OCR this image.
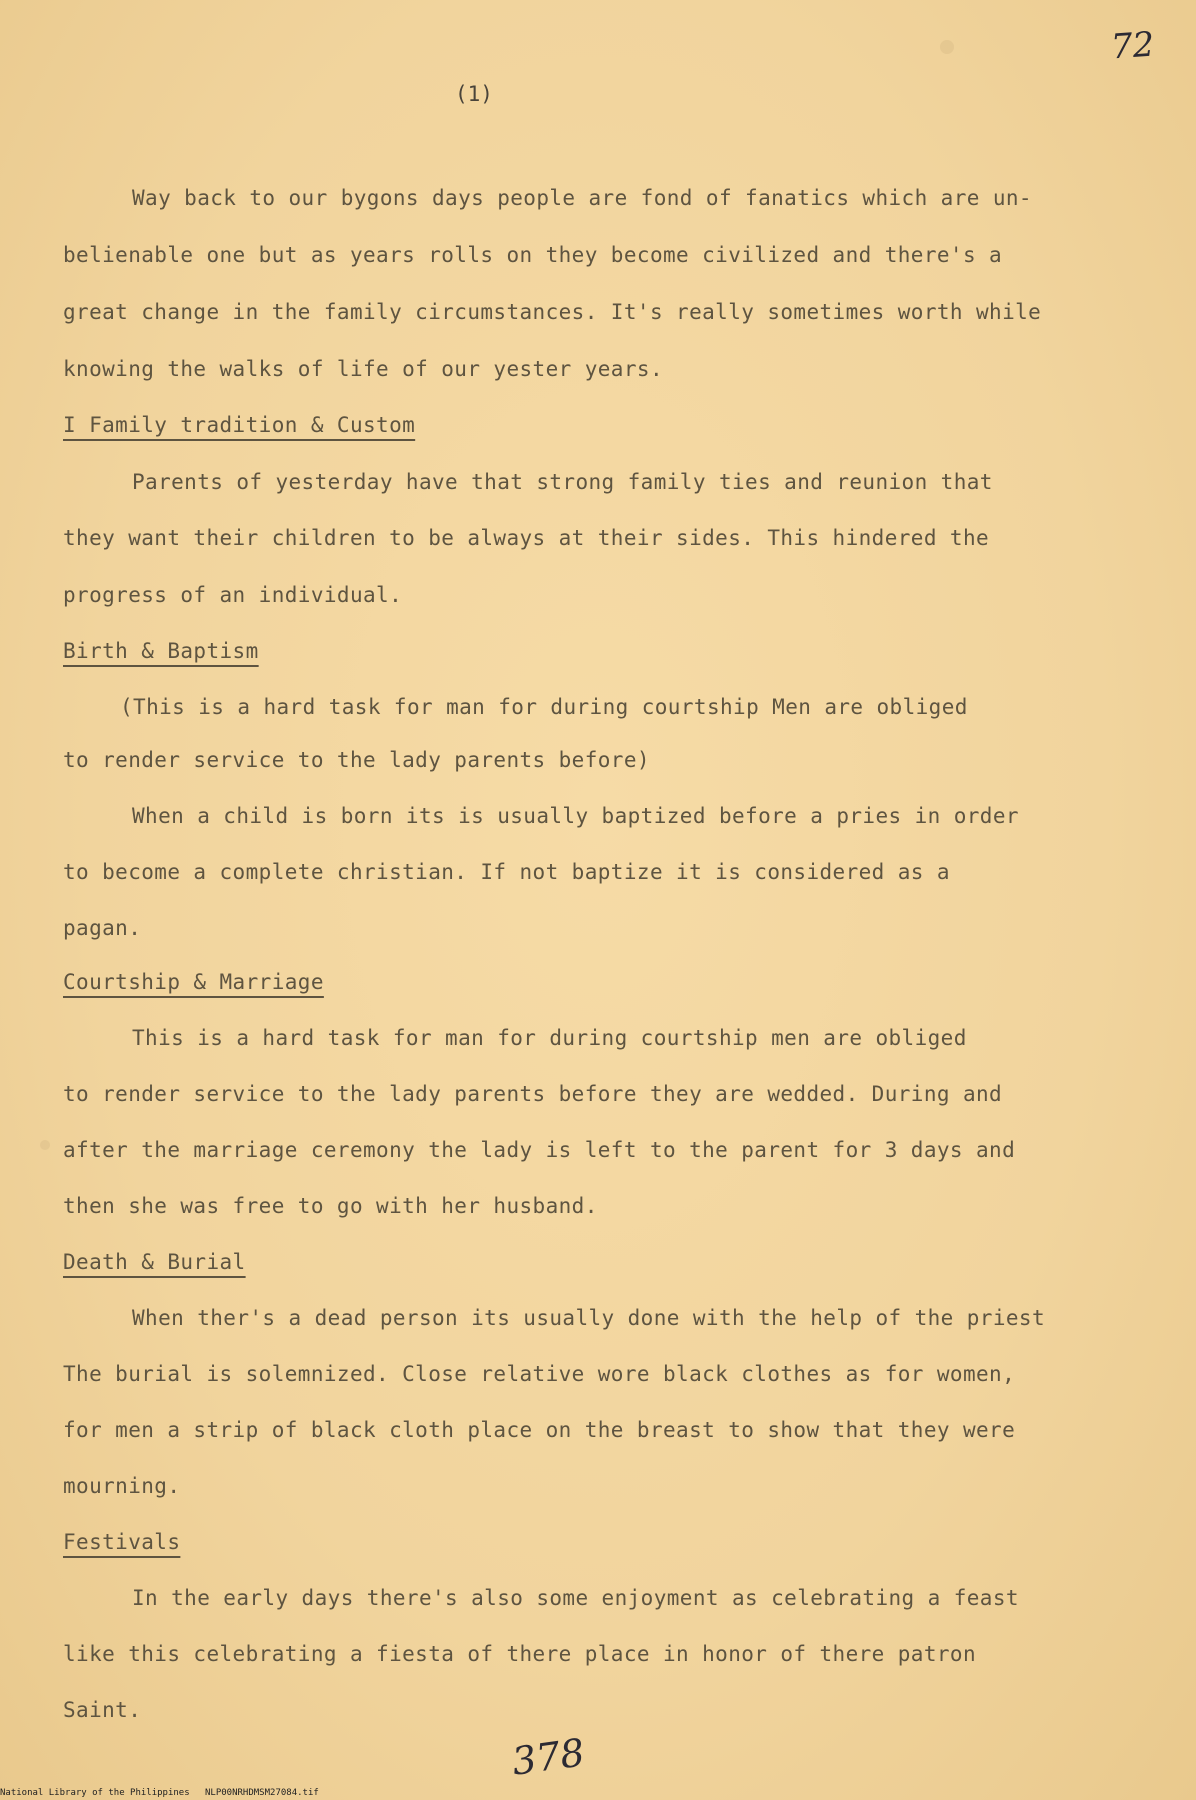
72
(1)
Way back to our bygons days people are fond of fanatics which are un-
belienable one but as years rolls on they become civilized and there's a
great change in the family circumstances. It's really sometimes worth while
knowing the walks of life of our yester years.
I Family tradition & Custom
Parents of yesterday have that strong family ties and reunion that
they want their children to be always at their sides. This hindered the
progress of an individual.
Birth & Baptism
(This is a hard task for man for during courtship Men are obliged
to render service to the lady parents before)
When a child is born its is usually baptized before a pries in order
to become a complete christian. If not baptize it is considered as a
pagan.
Courtship & Marriage
This is a hard task for man for during courtship men are obliged
to render service to the lady parents before they are wedded. During and
after the marriage ceremony the lady is left to the parent for 3 days and
then she was free to go with her husband.
Death & Burial
When ther's a dead person its usually done with the help of the priest
The burial is solemnized. Close relative wore black clothes as for women,
for men a strip of black cloth place on the breast to show that they were
mourning.
Festivals
In the early days there's also some enjoyment as celebrating a feast
like this celebrating a fiesta of there place in honor of there patron
Saint.
378
National Library of the Philippines NLP00NRHDMSM27084.tif
